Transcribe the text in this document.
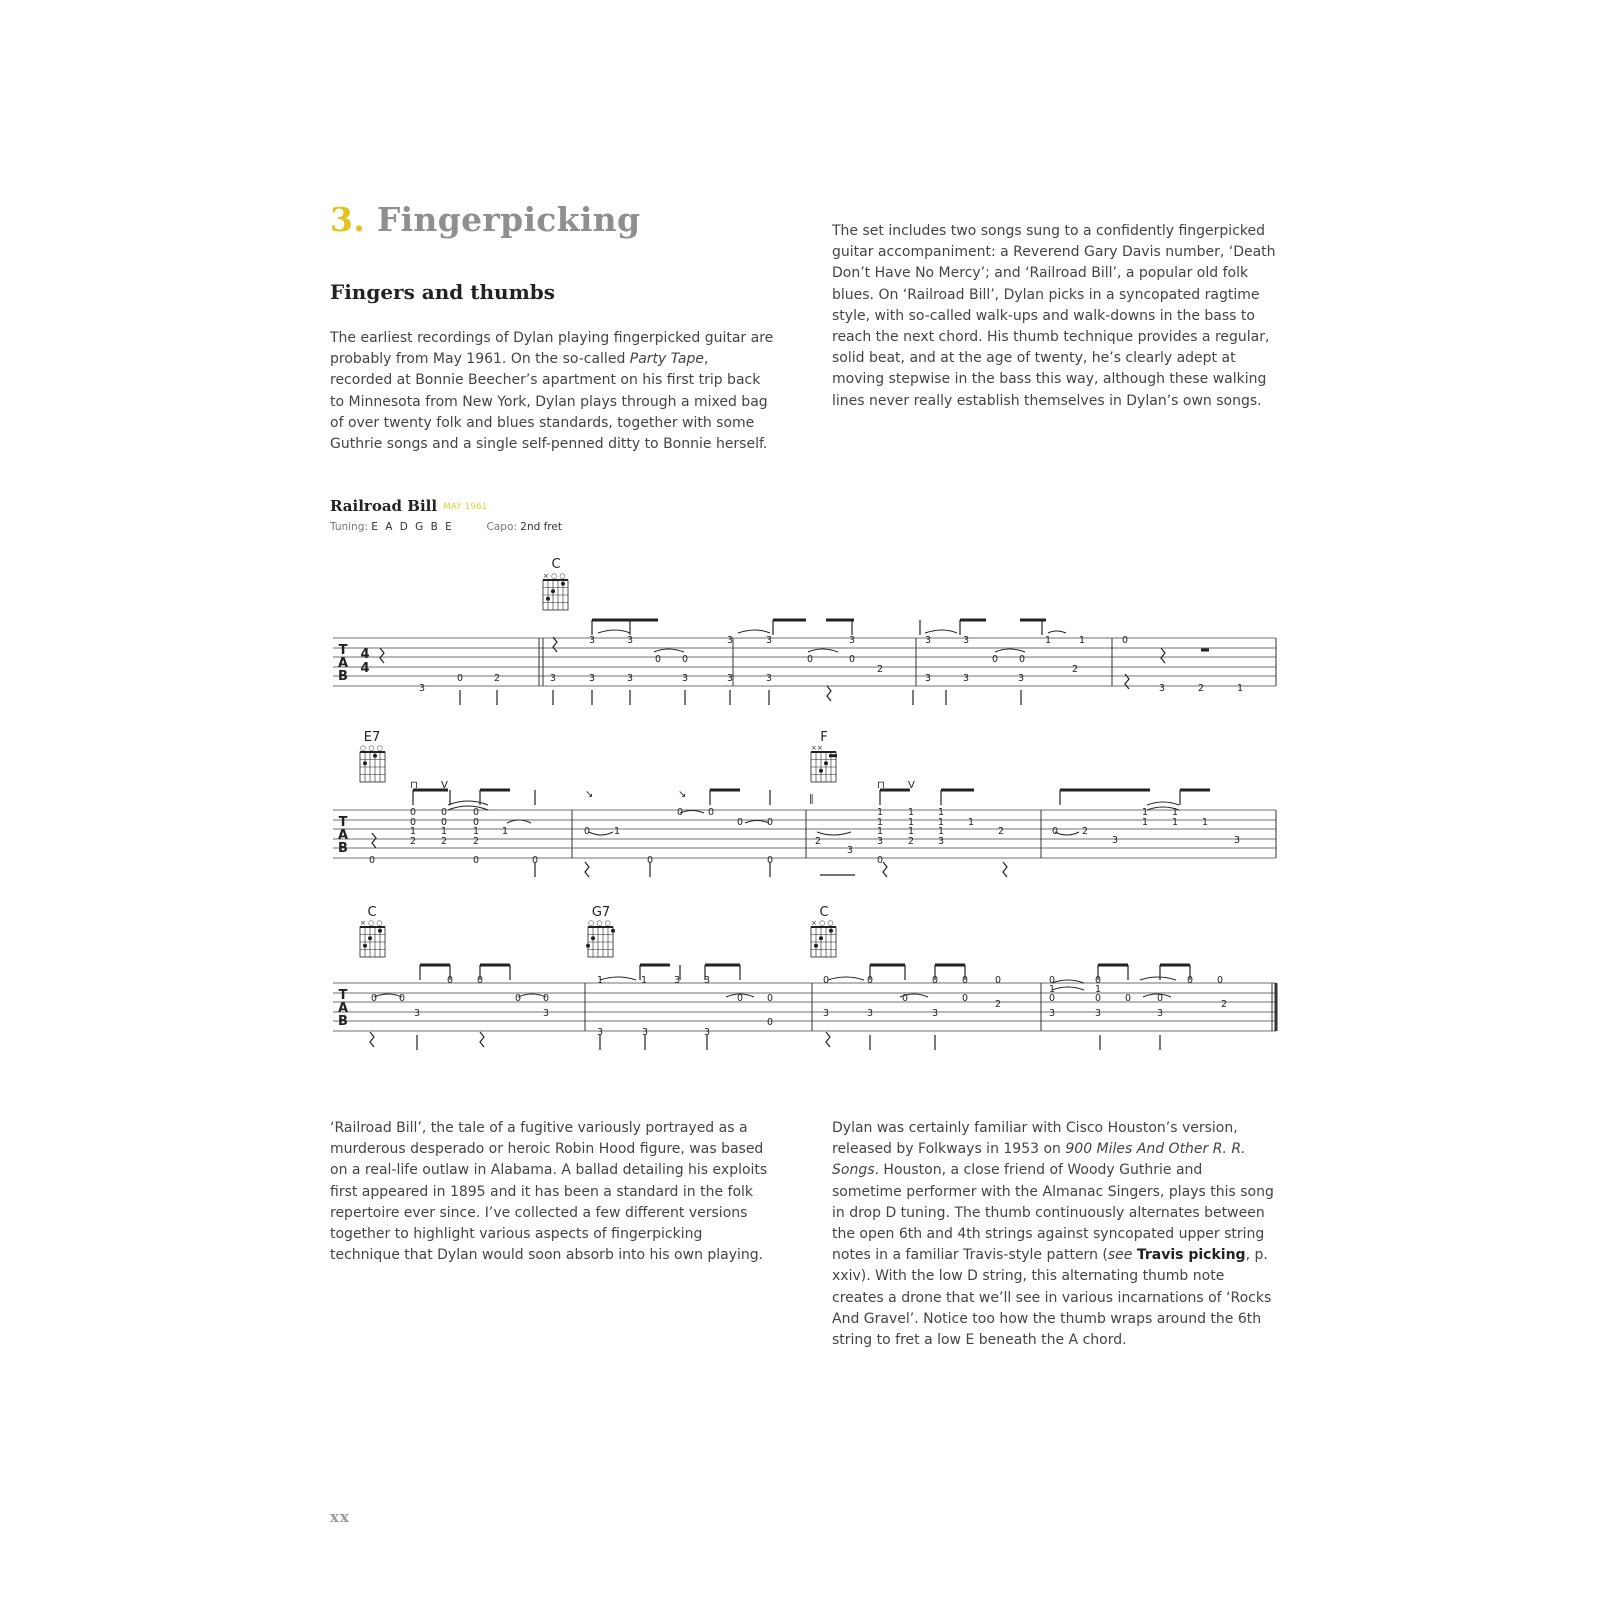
3. Fingerpicking
Fingers and thumbs

The earliest recordings of Dylan playing fingerpicked guitar are probably from May 1961. On the so-called Party Tape, recorded at Bonnie Beecher’s apartment on his first trip back to Minnesota from New York, Dylan plays through a mixed bag of over twenty folk and blues standards, together with some Guthrie songs and a single self-penned ditty to Bonnie herself.

The set includes two songs sung to a confidently fingerpicked guitar accompaniment: a Reverend Gary Davis number, ‘Death Don’t Have No Mercy’; and ‘Railroad Bill’, a popular old folk blues. On ‘Railroad Bill’, Dylan picks in a syncopated ragtime style, with so-called walk-ups and walk-downs in the bass to reach the next chord. His thumb technique provides a regular, solid beat, and at the age of twenty, he’s clearly adept at moving stepwise in the bass this way, although these walking lines never really establish themselves in Dylan’s own songs.

Railroad Bill MAY 1961
Tuning: E A D G B E	Capo: 2nd fret
C
× ○ ○
E7
○ ○ ○
F
××
C
× ○ ○
G7
○ ○ ○
C
× ○ ○
T
A
B
T
A
B
T
A
B
4
4
3
0	2	3	3
3
3
3
3
0 0
3
3
3
3
0
3
0
2
3
3
3
3
0
3
0
1	1
2
0
3	2	1
0
0
1
2
0
0
0
1
2
0
0
1
2
0
1
0
0	1
0
0	0
0	0
0
2
3
1
1
1
3
0
1
1
1
2
1
1
1
3
1
2	0	2
3
1
1
1
1	1
3
0 0
3
0	0
0 0
3
1
3	3
1	3	3
3
0	0
0
0
3
0
3
0
0
3
0
0
0
2
0
1
0
3
0
1
0
3
0	0
3
0	0
2
⊓ V	⊓ V
↘	↘	∥

‘Railroad Bill’, the tale of a fugitive variously portrayed as a murderous desperado or heroic Robin Hood figure, was based on a real-life outlaw in Alabama. A ballad detailing his exploits first appeared in 1895 and it has been a standard in the folk repertoire ever since. I’ve collected a few different versions together to highlight various aspects of fingerpicking technique that Dylan would soon absorb into his own playing.

Dylan was certainly familiar with Cisco Houston’s version, released by Folkways in 1953 on 900 Miles And Other R. R. Songs. Houston, a close friend of Woody Guthrie and sometime performer with the Almanac Singers, plays this song in drop D tuning. The thumb continuously alternates between the open 6th and 4th strings against syncopated upper string notes in a familiar Travis-style pattern (see Travis picking, p. xxiv). With the low D string, this alternating thumb note creates a drone that we’ll see in various incarnations of ‘Rocks And Gravel’. Notice too how the thumb wraps around the 6th string to fret a low E beneath the A chord.

xx
